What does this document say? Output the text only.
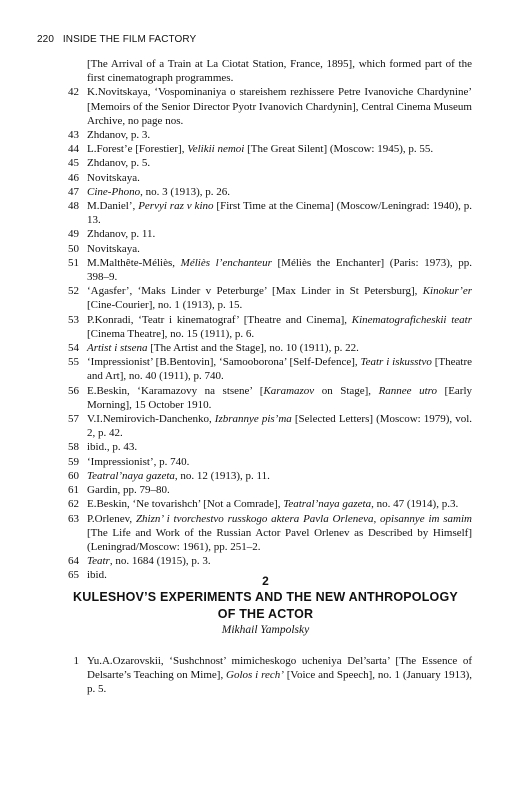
220 INSIDE THE FILM FACTORY
[The Arrival of a Train at La Ciotat Station, France, 1895], which formed part of the first cinematograph programmes.
42 K.Novitskaya, ‘Vospominaniya o stareishem rezhissere Petre Ivanoviche Chardynine’ [Memoirs of the Senior Director Pyotr Ivanovich Chardynin], Central Cinema Museum Archive, no page nos.
43 Zhdanov, p. 3.
44 L.Forest’e [Forestier], Velikii nemoi [The Great Silent] (Moscow: 1945), p. 55.
45 Zhdanov, p. 5.
46 Novitskaya.
47 Cine-Phono, no. 3 (1913), p. 26.
48 M.Daniel’, Pervyi raz v kino [First Time at the Cinema] (Moscow/Leningrad: 1940), p. 13.
49 Zhdanov, p. 11.
50 Novitskaya.
51 M.Malthête-Méliès, Méliès l’enchanteur [Méliès the Enchanter] (Paris: 1973), pp. 398–9.
52 ‘Agasfer’, ‘Maks Linder v Peterburge’ [Max Linder in St Petersburg], Kinokur’er [Cine-Courier], no. 1 (1913), p. 15.
53 P.Konradi, ‘Teatr i kinematograf’ [Theatre and Cinema], Kinematograficheskii teatr [Cinema Theatre], no. 15 (1911), p. 6.
54 Artist i stsena [The Artist and the Stage], no. 10 (1911), p. 22.
55 ‘Impressionist’ [B.Bentovin], ‘Samooborona’ [Self-Defence], Teatr i iskusstvo [Theatre and Art], no. 40 (1911), p. 740.
56 E.Beskin, ‘Karamazovy na stsene’ [Karamazov on Stage], Rannee utro [Early Morning], 15 October 1910.
57 V.I.Nemirovich-Danchenko, Izbrannye pis’ma [Selected Letters] (Moscow: 1979), vol. 2, p. 42.
58 ibid., p. 43.
59 ‘Impressionist’, p. 740.
60 Teatral’naya gazeta, no. 12 (1913), p. 11.
61 Gardin, pp. 79–80.
62 E.Beskin, ‘Ne tovarishch’ [Not a Comrade], Teatral’naya gazeta, no. 47 (1914), p.3.
63 P.Orlenev, Zhizn’ i tvorchestvo russkogo aktera Pavla Orleneva, opisannye im samim [The Life and Work of the Russian Actor Pavel Orlenev as Described by Himself] (Leningrad/Moscow: 1961), pp. 251–2.
64 Teatr, no. 1684 (1915), p. 3.
65 ibid.	2
KULESHOV’S EXPERIMENTS AND THE NEW ANTHROPOLOGY
OF THE ACTOR
Mikhail Yampolsky
1 Yu.A.Ozarovskii, ‘Sushchnost’ mimicheskogo ucheniya Del’sarta’ [The Essence of Delsarte’s Teaching on Mime], Golos i rech’ [Voice and Speech], no. 1 (January 1913), p. 5.
